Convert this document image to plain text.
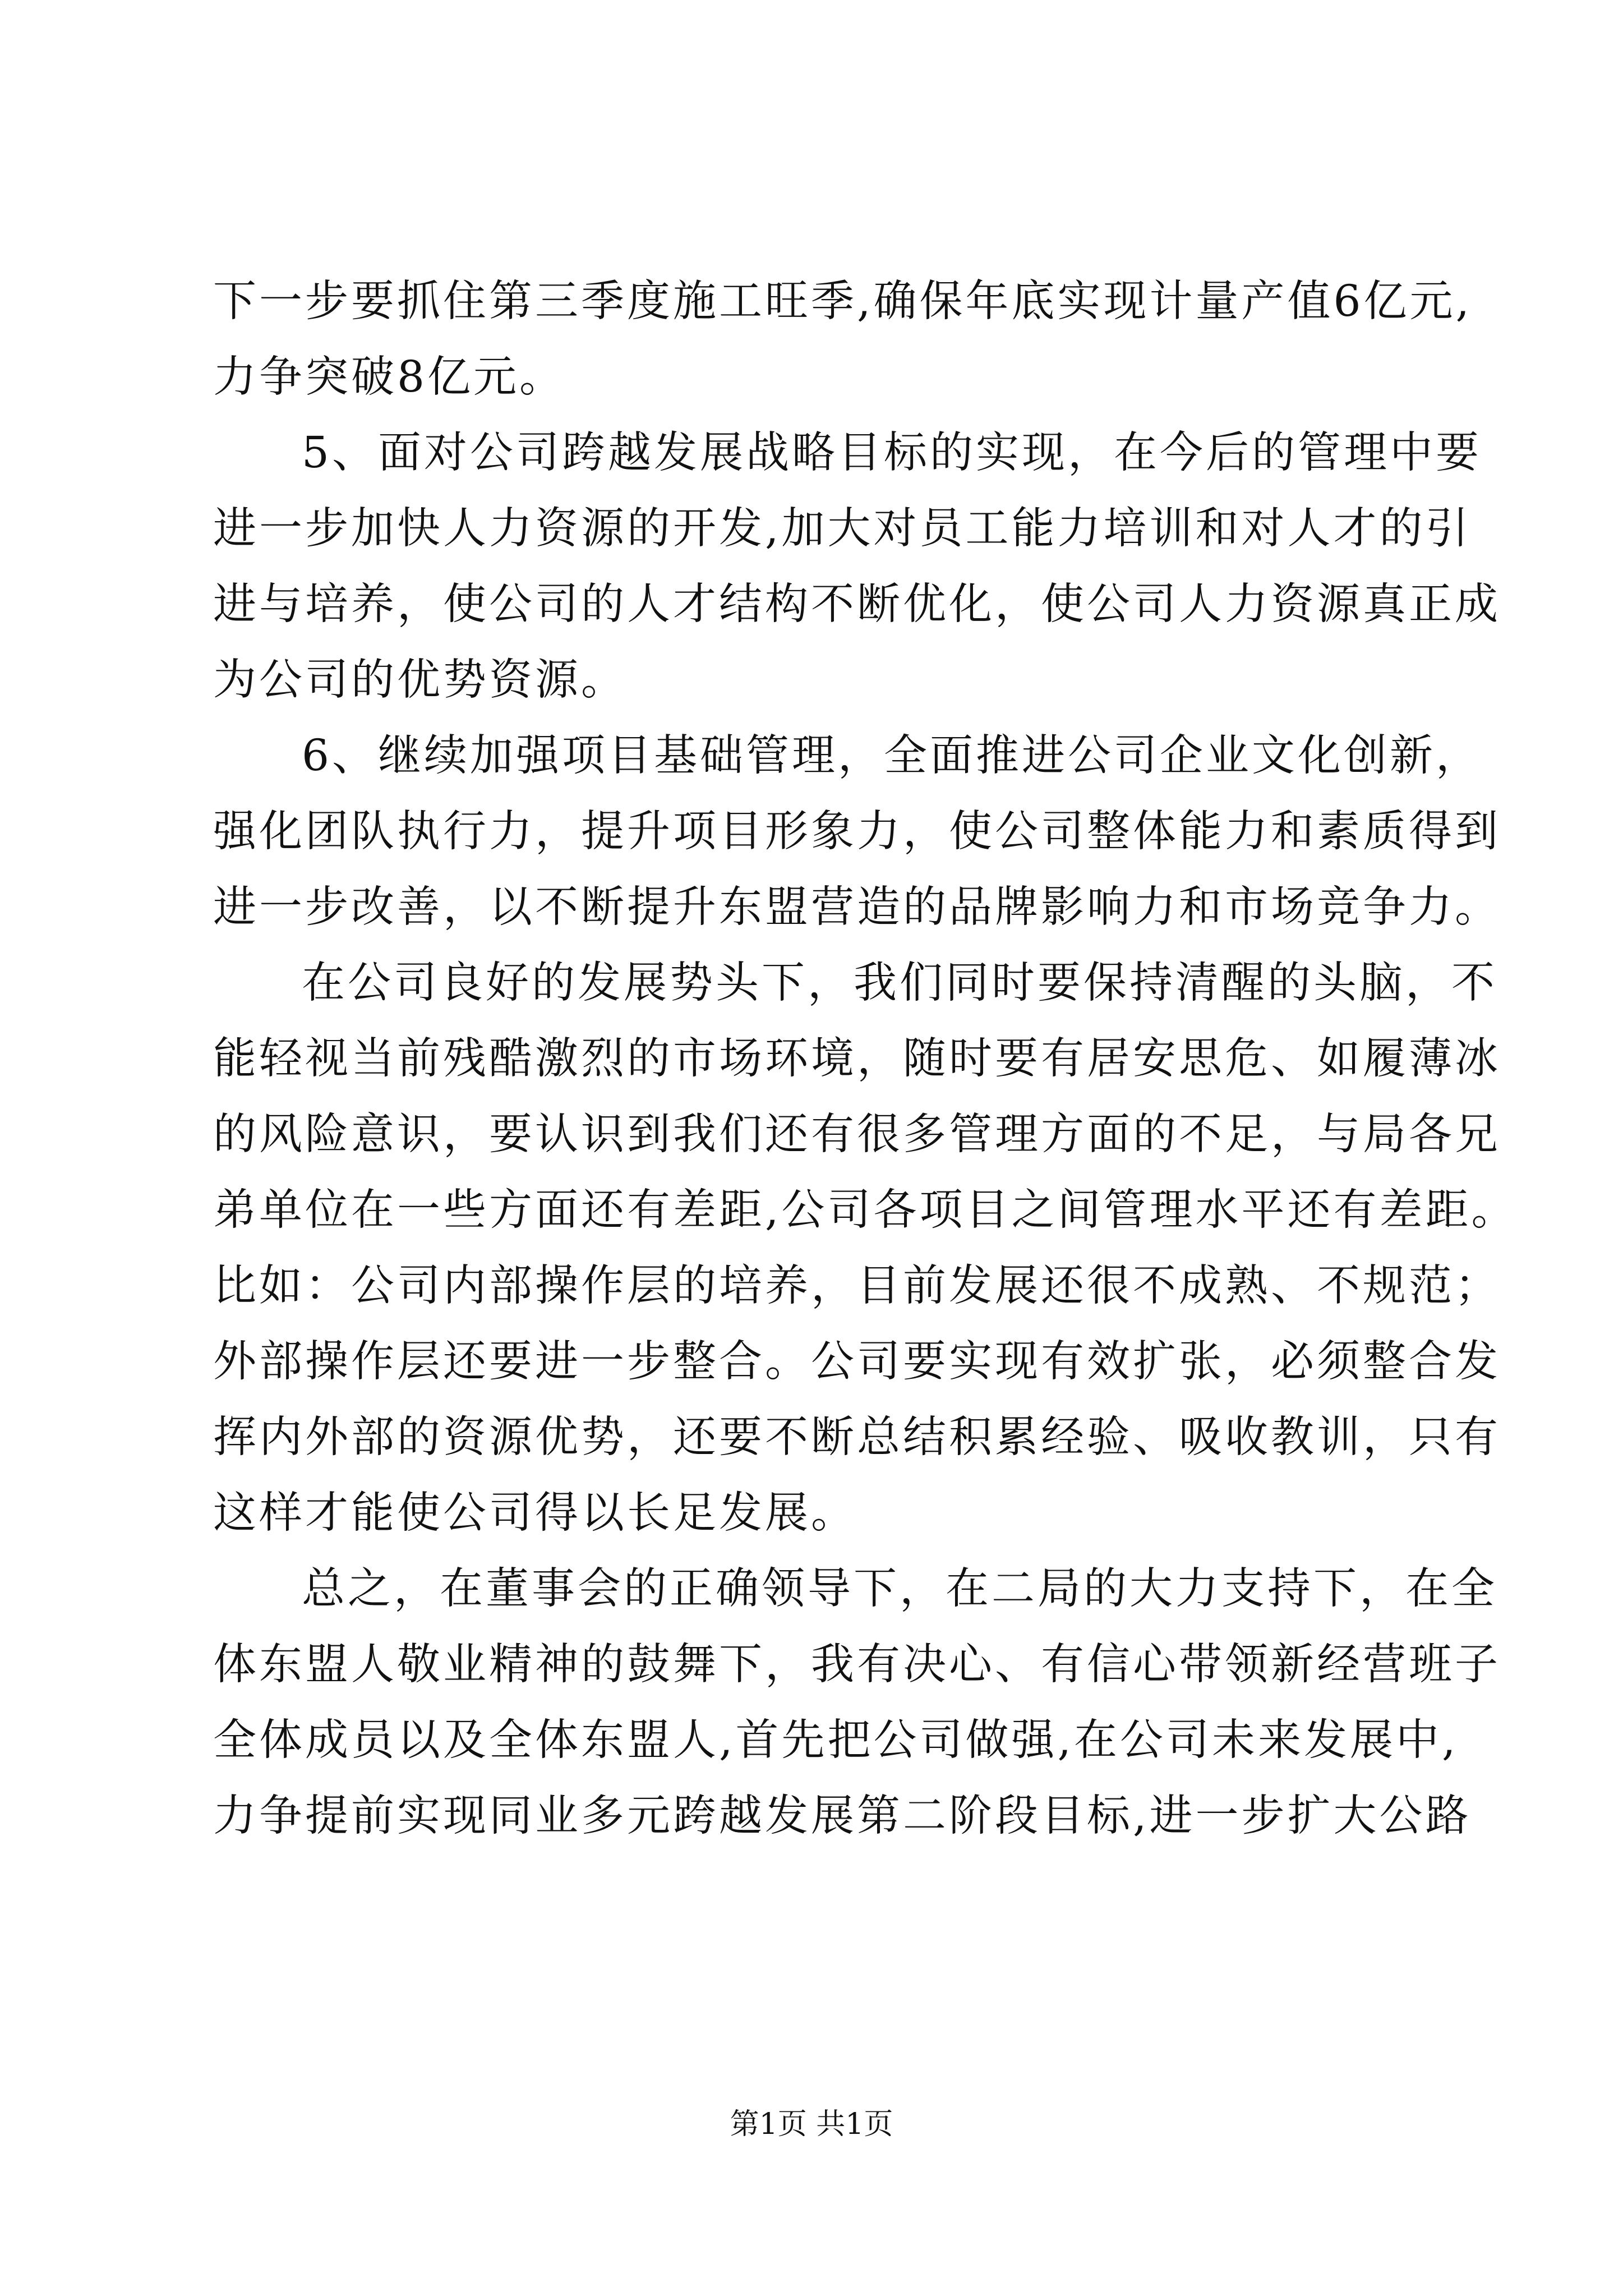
下一步要抓住第三季度施工旺季,确保年底实现计量产值6亿元,
力争突破8亿元。
5、面对公司跨越发展战略目标的实现，在今后的管理中要
进一步加快人力资源的开发,加大对员工能力培训和对人才的引
进与培养，使公司的人才结构不断优化，使公司人力资源真正成
为公司的优势资源。
6、继续加强项目基础管理，全面推进公司企业文化创新，
强化团队执行力，提升项目形象力，使公司整体能力和素质得到
进一步改善，以不断提升东盟营造的品牌影响力和市场竞争力。
在公司良好的发展势头下，我们同时要保持清醒的头脑，不
能轻视当前残酷激烈的市场环境，随时要有居安思危、如履薄冰
的风险意识，要认识到我们还有很多管理方面的不足，与局各兄
弟单位在一些方面还有差距,公司各项目之间管理水平还有差距。
比如：公司内部操作层的培养，目前发展还很不成熟、不规范；
外部操作层还要进一步整合。公司要实现有效扩张，必须整合发
挥内外部的资源优势，还要不断总结积累经验、吸收教训，只有
这样才能使公司得以长足发展。
总之，在董事会的正确领导下，在二局的大力支持下，在全
体东盟人敬业精神的鼓舞下，我有决心、有信心带领新经营班子
全体成员以及全体东盟人,首先把公司做强,在公司未来发展中,
力争提前实现同业多元跨越发展第二阶段目标,进一步扩大公路
第1页 共1页
